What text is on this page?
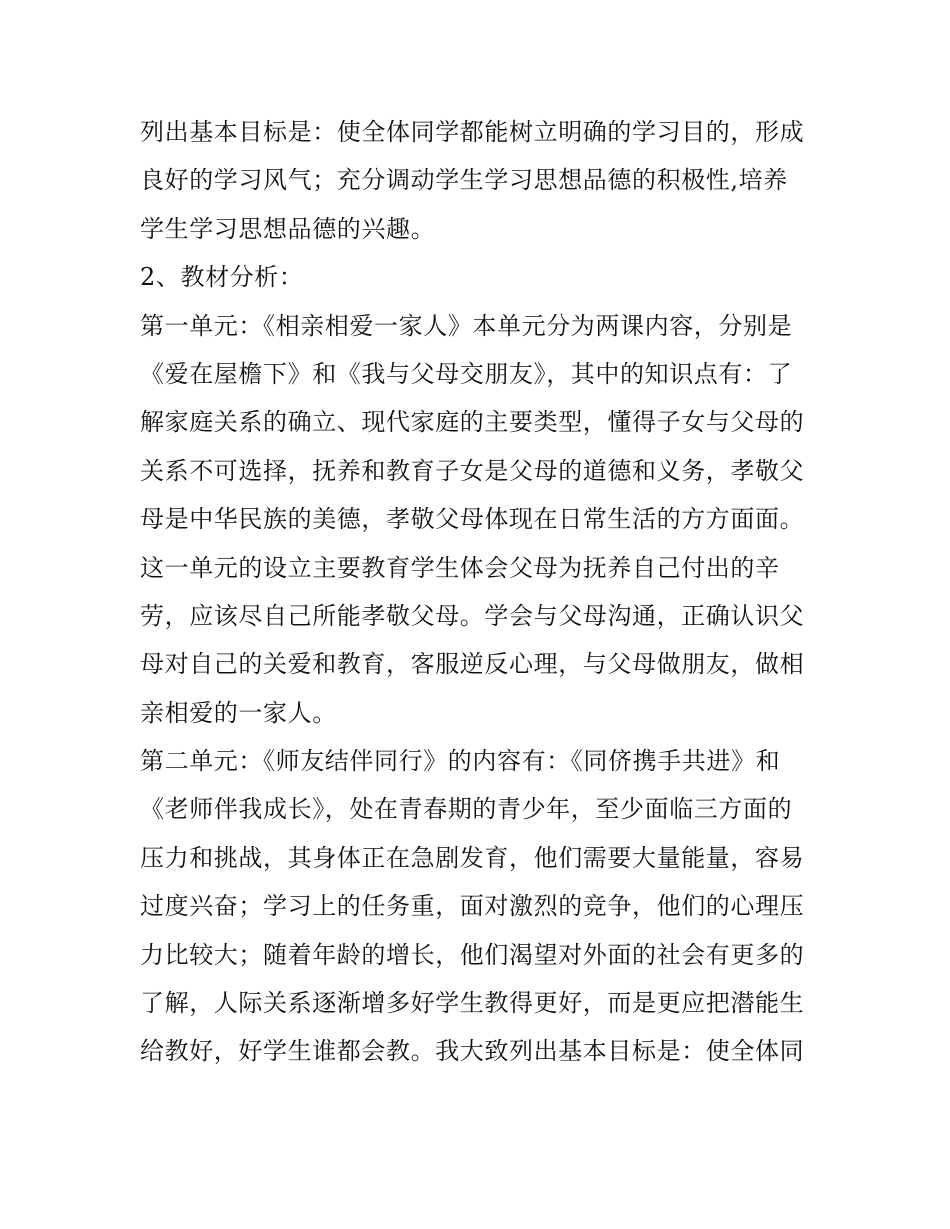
列出基本目标是：使全体同学都能树立明确的学习目的，形成
良好的学习风气；充分调动学生学习思想品德的积极性,培养
学生学习思想品德的兴趣。
2、教材分析：
第一单元：《相亲相爱一家人》本单元分为两课内容，分别是
《爱在屋檐下》和《我与父母交朋友》，其中的知识点有：了
解家庭关系的确立、现代家庭的主要类型，懂得子女与父母的
关系不可选择，抚养和教育子女是父母的道德和义务，孝敬父
母是中华民族的美德，孝敬父母体现在日常生活的方方面面。
这一单元的设立主要教育学生体会父母为抚养自己付出的辛
劳，应该尽自己所能孝敬父母。学会与父母沟通，正确认识父
母对自己的关爱和教育，客服逆反心理，与父母做朋友，做相
亲相爱的一家人。
第二单元：《师友结伴同行》的内容有：《同侪携手共进》和
《老师伴我成长》，处在青春期的青少年，至少面临三方面的
压力和挑战，其身体正在急剧发育，他们需要大量能量，容易
过度兴奋；学习上的任务重，面对激烈的竞争，他们的心理压
力比较大；随着年龄的增长，他们渴望对外面的社会有更多的
了解，人际关系逐渐增多好学生教得更好，而是更应把潜能生
给教好，好学生谁都会教。我大致列出基本目标是：使全体同
